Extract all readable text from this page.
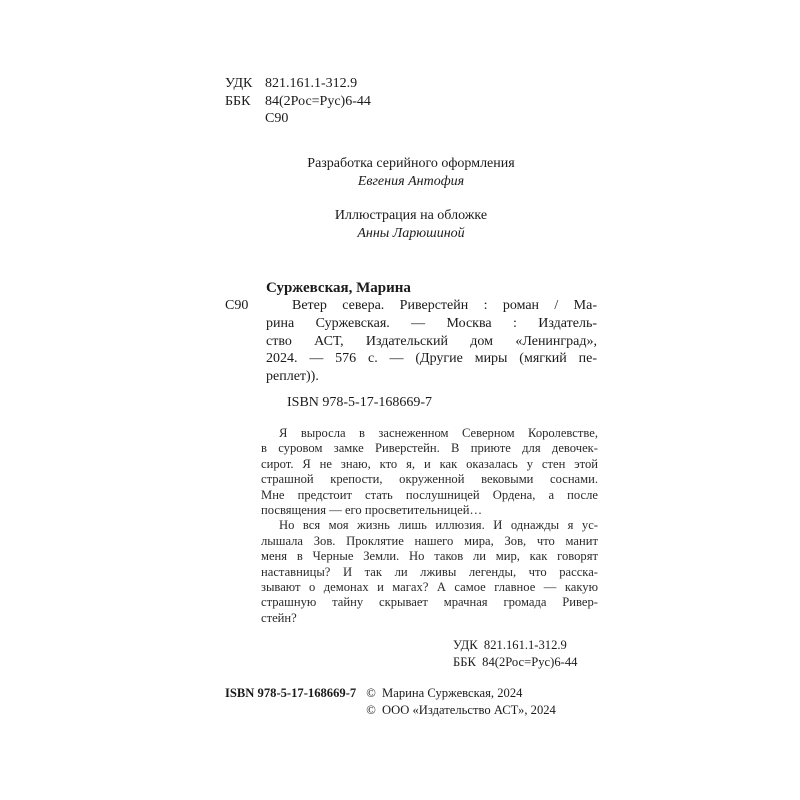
УДК 821.161.1-312.9
ББК	84(2Рос=Рус)6-44
С90
Разработка серийного оформления
Евгения Антофия
Иллюстрация на обложке
Анны Ларюшиной
Суржевская, Марина
С90	Ветер севера. Риверстейн : роман / Ма-
рина Суржевская. — Москва : Издатель-
ство АСТ, Издательский дом «Ленинград»,
2024. — 576 с. — (Другие миры (мягкий пе-
реплет)).
ISBN 978-5-17-168669-7
Я выросла в заснеженном Северном Королевстве,
в суровом замке Риверстейн. В приюте для девочек-
сирот. Я не знаю, кто я, и как оказалась у стен этой
страшной крепости, окруженной вековыми соснами.
Мне предстоит стать послушницей Ордена, а после
посвящения — его просветительницей…
Но вся моя жизнь лишь иллюзия. И однажды я ус-
лышала Зов. Проклятие нашего мира, Зов, что манит
меня в Черные Земли. Но таков ли мир, как говорят
наставницы? И так ли лживы легенды, что расска-
зывают о демонах и магах? А самое главное — какую
страшную тайну скрывает мрачная громада Ривер-
стейн?
УДК  821.161.1-312.9
ББК  84(2Рос=Рус)6-44
ISBN 978-5-17-168669-7 ©  Марина Суржевская, 2024
©  ООО «Издательство АСТ», 2024
